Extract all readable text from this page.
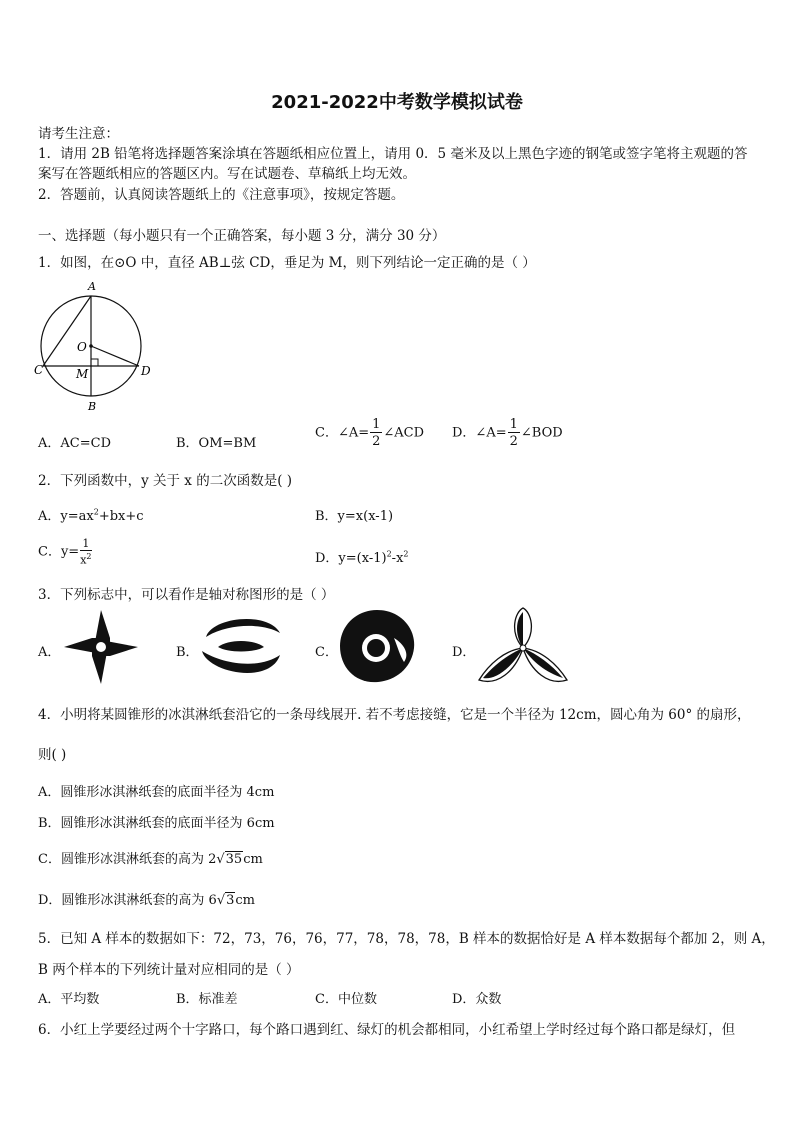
2021-2022中考数学模拟试卷
请考生注意：
1．请用 2B 铅笔将选择题答案涂填在答题纸相应位置上，请用 0．5 毫米及以上黑色字迹的钢笔或签字笔将主观题的答
案写在答题纸相应的答题区内。写在试题卷、草稿纸上均无效。
2．答题前，认真阅读答题纸上的《注意事项》，按规定答题。
一、选择题（每小题只有一个正确答案，每小题 3 分，满分 30 分）
1．如图，在⊙O 中，直径 AB⊥弦 CD，垂足为 M，则下列结论一定正确的是（ ）
A
O
C	M	D
B
A．AC=CD	B．OM=BM
C．∠A= $\frac{1}{2}$ ∠ACD D．∠A= $\frac{1}{2}$ ∠BOD
2．下列函数中，y 关于 x 的二次函数是( )
A．$y=ax^2+bx+c$	B．y=x(x-1)
C．$y= \frac{1}{x^2}$	D．$y=(x-1)^2-x^2$
3．下列标志中，可以看作是轴对称图形的是（ ）
A．	B．	C．	D．
4．小明将某圆锥形的冰淇淋纸套沿它的一条母线展开. 若不考虑接缝，它是一个半径为 12cm，圆心角为 60° 的扇形，
则( )
A．圆锥形冰淇淋纸套的底面半径为 4cm
B．圆锥形冰淇淋纸套的底面半径为 6cm
C．圆锥形冰淇淋纸套的高为 2√35cm
D．圆锥形冰淇淋纸套的高为 6√3cm
5．已知 A 样本的数据如下：72，73，76，76，77，78，78，78，B 样本的数据恰好是 A 样本数据每个都加 2，则 A，
B 两个样本的下列统计量对应相同的是（ ）
A．平均数	B．标准差	C．中位数	D．众数
6．小红上学要经过两个十字路口，每个路口遇到红、绿灯的机会都相同，小红希望上学时经过每个路口都是绿灯，但
